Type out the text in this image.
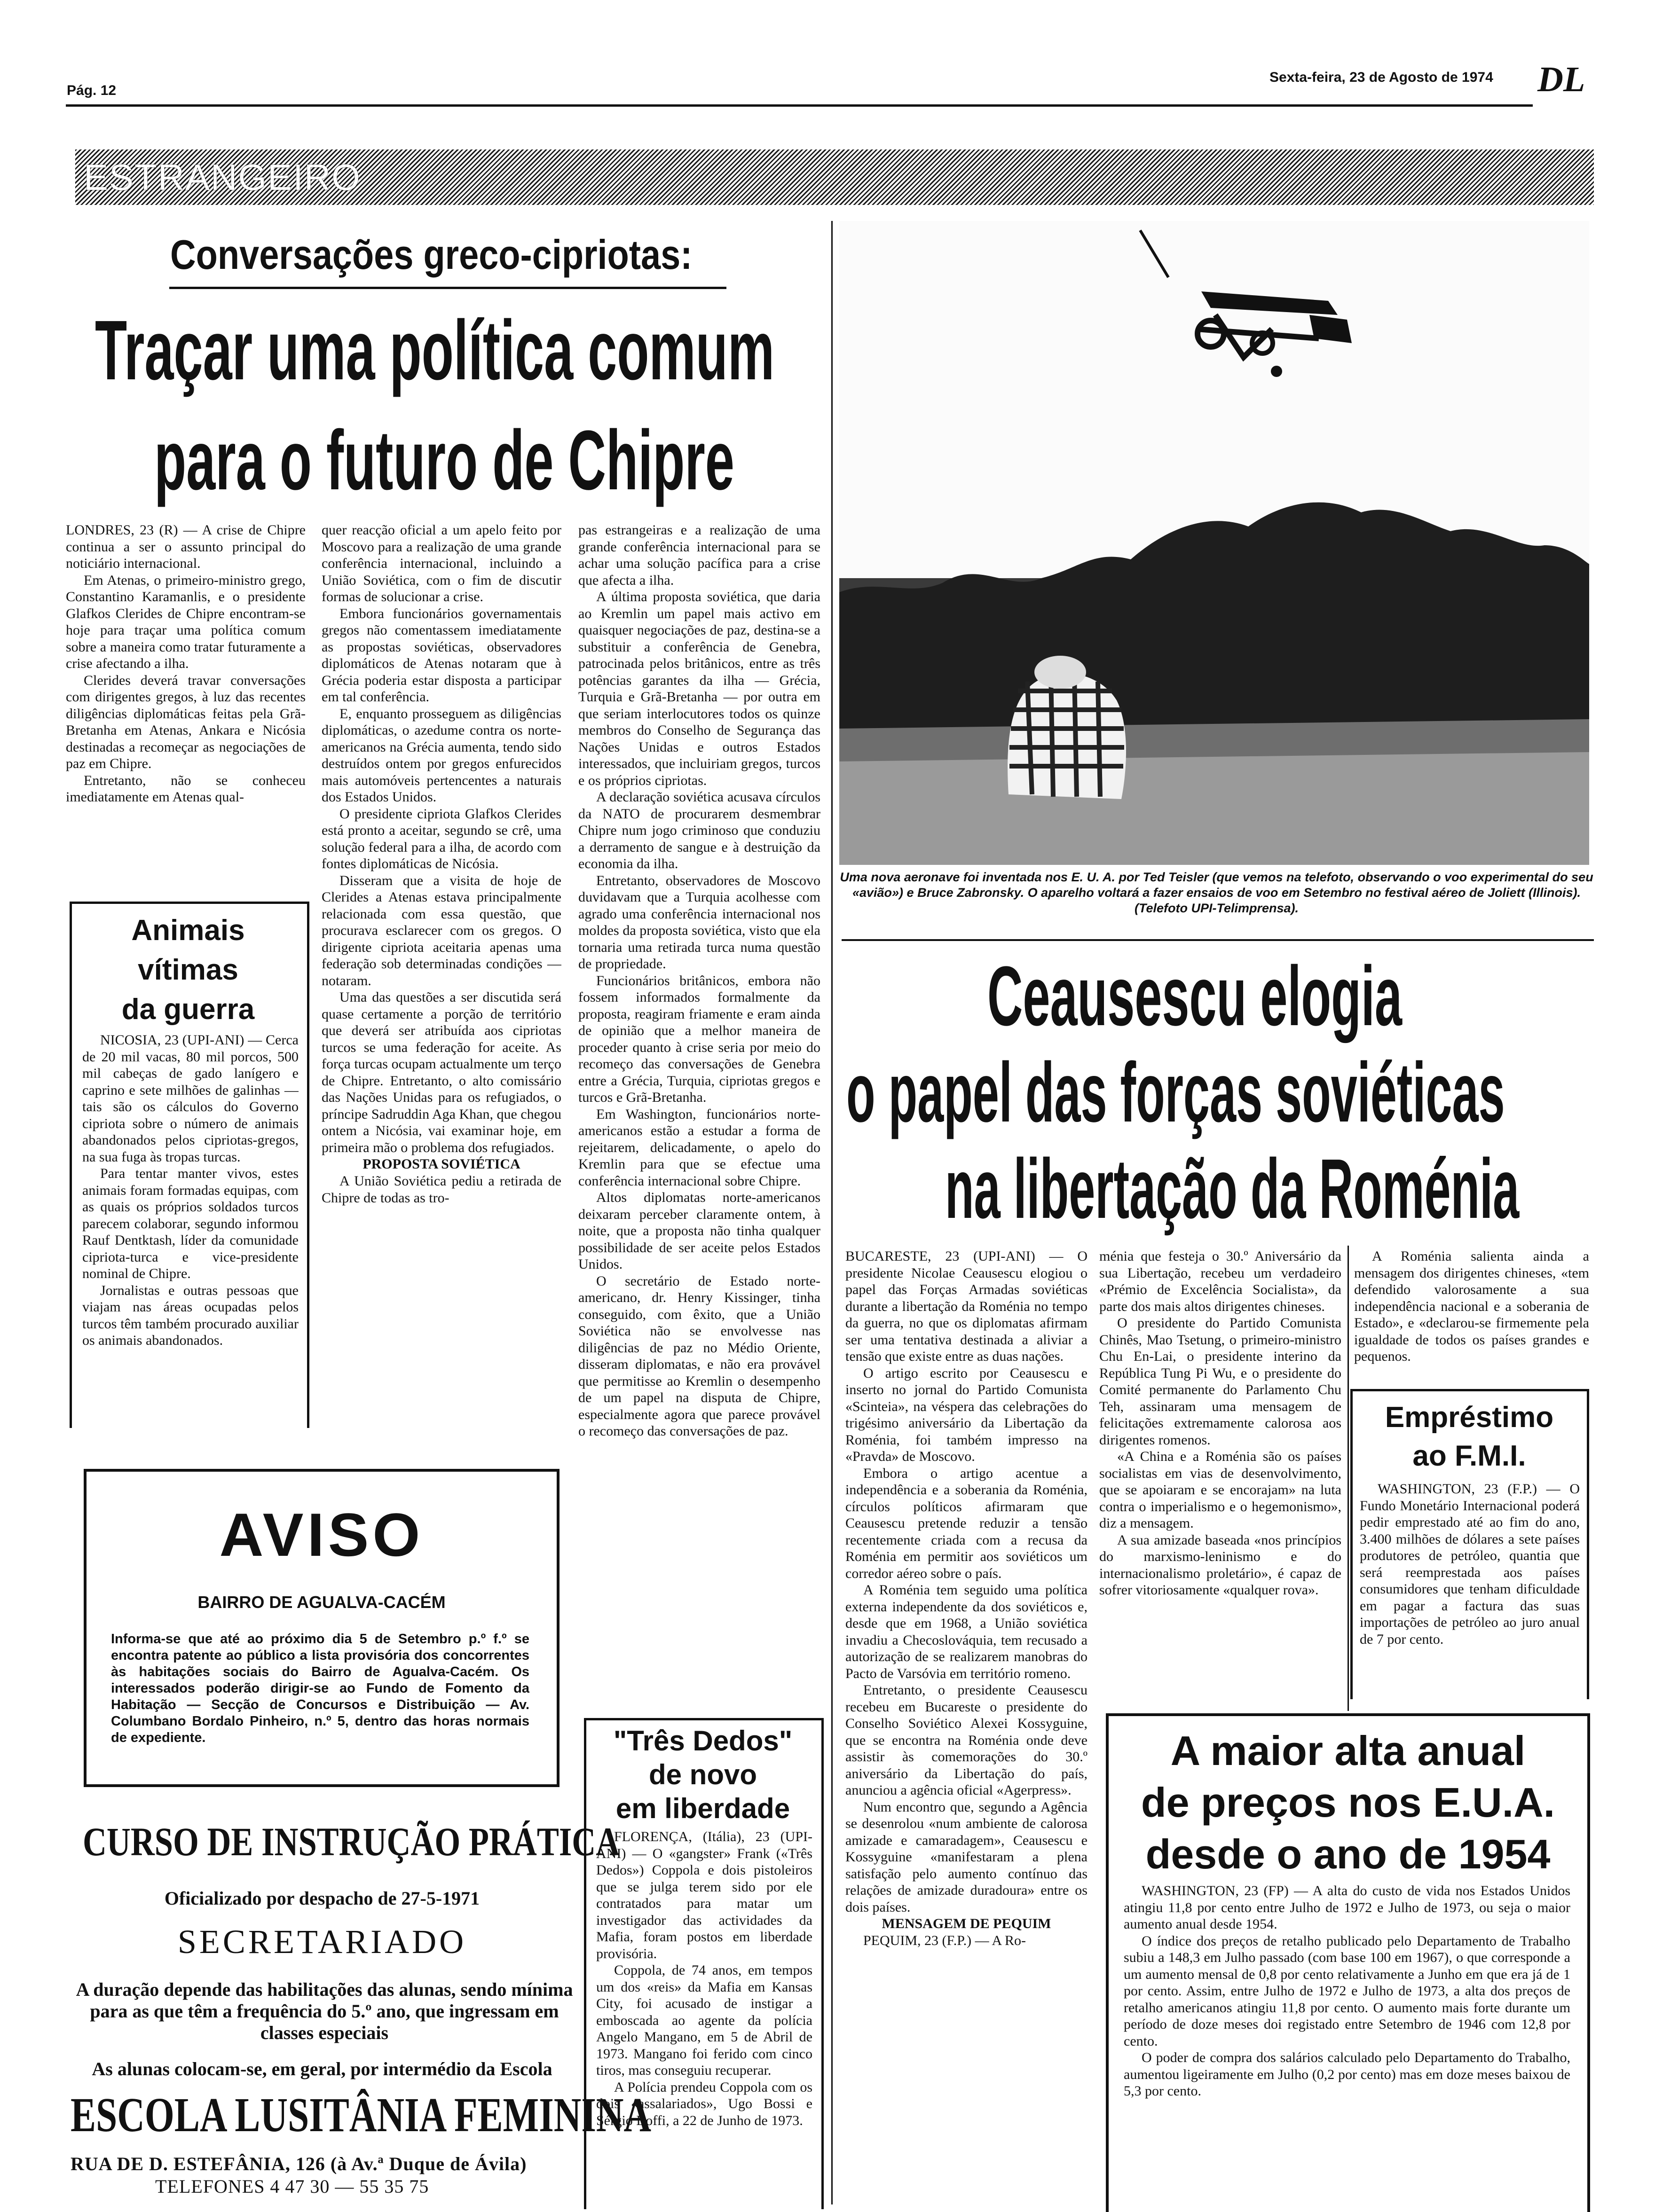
Pág. 12
Sexta-feira, 23 de Agosto de 1974 DL
ESTRANGEIRO
Conversações greco-cipriotas:
Traçar uma política comum
para o futuro de Chipre

LONDRES, 23 (R) — A crise de Chipre continua a ser o assunto principal do noticiário internacional.

Em Atenas, o primeiro-ministro grego, Constantino Karamanlis, e o presidente Glafkos Clerides de Chipre encontram-se hoje para traçar uma política comum sobre a maneira como tratar futuramente a crise afectando a ilha.

Clerides deverá travar conversações com dirigentes gregos, à luz das recentes diligências diplomáticas feitas pela Grã-Bretanha em Atenas, Ankara e Nicósia destinadas a recomeçar as negociações de paz em Chipre.

Entretanto, não se conheceu imediatamente em Atenas qual-

quer reacção oficial a um apelo feito por Moscovo para a realização de uma grande conferência internacional, incluindo a União Soviética, com o fim de discutir formas de solucionar a crise.

Embora funcionários governamentais gregos não comentassem imediatamente as propostas soviéticas, observadores diplomáticos de Atenas notaram que à Grécia poderia estar disposta a participar em tal conferência.

E, enquanto prosseguem as diligências diplomáticas, o azedume contra os norte-americanos na Grécia aumenta, tendo sido destruídos ontem por gregos enfurecidos mais automóveis pertencentes a naturais dos Estados Unidos.

O presidente cipriota Glafkos Clerides está pronto a aceitar, segundo se crê, uma solução federal para a ilha, de acordo com fontes diplomáticas de Nicósia.

Disseram que a visita de hoje de Clerides a Atenas estava principalmente relacionada com essa questão, que procurava esclarecer com os gregos. O dirigente cipriota aceitaria apenas uma federação sob determinadas condições — notaram.

Uma das questões a ser discutida será quase certamente a porção de território que deverá ser atribuída aos cipriotas turcos se uma federação for aceite. As força turcas ocupam actualmente um terço de Chipre. Entretanto, o alto comissário das Nações Unidas para os refugiados, o príncipe Sadruddin Aga Khan, que chegou ontem a Nicósia, vai examinar hoje, em primeira mão o problema dos refugiados.

PROPOSTA SOVIÉTICA

A União Soviética pediu a retirada de Chipre de todas as tro-

pas estrangeiras e a realização de uma grande conferência internacional para se achar uma solução pacífica para a crise que afecta a ilha.

A última proposta soviética, que daria ao Kremlin um papel mais activo em quaisquer negociações de paz, destina-se a substituir a conferência de Genebra, patrocinada pelos britânicos, entre as três potências garantes da ilha — Grécia, Turquia e Grã-Bretanha — por outra em que seriam interlocutores todos os quinze membros do Conselho de Segurança das Nações Unidas e outros Estados interessados, que incluiriam gregos, turcos e os próprios cipriotas.

A declaração soviética acusava círculos da NATO de procurarem desmembrar Chipre num jogo criminoso que conduziu a derramento de sangue e à destruição da economia da ilha.

Entretanto, observadores de Moscovo duvidavam que a Turquia acolhesse com agrado uma conferência internacional nos moldes da proposta soviética, visto que ela tornaria uma retirada turca numa questão de propriedade.

Funcionários britânicos, embora não fossem informados formalmente da proposta, reagiram friamente e eram ainda de opinião que a melhor maneira de proceder quanto à crise seria por meio do recomeço das conversações de Genebra entre a Grécia, Turquia, cipriotas gregos e turcos e Grã-Bretanha.

Em Washington, funcionários norte-americanos estão a estudar a forma de rejeitarem, delicadamente, o apelo do Kremlin para que se efectue uma conferência internacional sobre Chipre.

Altos diplomatas norte-americanos deixaram perceber claramente ontem, à noite, que a proposta não tinha qualquer possibilidade de ser aceite pelos Estados Unidos.

O secretário de Estado norte-americano, dr. Henry Kissinger, tinha conseguido, com êxito, que a União Soviética não se envolvesse nas diligências de paz no Médio Oriente, disseram diplomatas, e não era provável que permitisse ao Kremlin o desempenho de um papel na disputa de Chipre, especialmente agora que parece provável o recomeço das conversações de paz.

Animais
vítimas
da guerra

NICOSIA, 23 (UPI-ANI) — Cerca de 20 mil vacas, 80 mil porcos, 500 mil cabeças de gado lanígero e caprino e sete milhões de galinhas — tais são os cálculos do Governo cipriota sobre o número de animais abandonados pelos cipriotas-gregos, na sua fuga às tropas turcas.

Para tentar manter vivos, estes animais foram formadas equipas, com as quais os próprios soldados turcos parecem colaborar, segundo informou Rauf Dentktash, líder da comunidade cipriota-turca e vice-presidente nominal de Chipre.

Jornalistas e outras pessoas que viajam nas áreas ocupadas pelos turcos têm também procurado auxiliar os animais abandonados.

AVISO
BAIRRO DE AGUALVA-CACÉM
Informa-se que até ao próximo dia 5 de Setembro p.º f.º se encontra patente ao público a lista provisória dos concorrentes às habitações sociais do Bairro de Agualva-Cacém. Os interessados poderão dirigir-se ao Fundo de Fomento da Habitação — Secção de Concursos e Distribuição — Av. Columbano Bordalo Pinheiro, n.º 5, dentro das horas normais de expediente.
CURSO DE INSTRUÇÃO PRÁTICA
Oficializado por despacho de 27-5-1971
SECRETARIADO
A duração depende das habilitações das alunas, sendo mínima para as que têm a frequência do 5.º ano, que ingressam em classes especiais
As alunas colocam-se, em geral, por intermédio da Escola
ESCOLA LUSITÂNIA FEMININA
RUA DE D. ESTEFÂNIA, 126 (à Av.ª Duque de Ávila)
TELEFONES 4 47 30 — 55 35 75
"Três Dedos"
de novo
em liberdade

FLORENÇA, (Itália), 23 (UPI-ANI) — O «gangster» Frank («Três Dedos») Coppola e dois pistoleiros que se julga terem sido por ele contratados para matar um investigador das actividades da Mafia, foram postos em liberdade provisória.

Coppola, de 74 anos, em tempos um dos «reis» da Mafia em Kansas City, foi acusado de instigar a emboscada ao agente da polícia Angelo Mangano, em 5 de Abril de 1973. Mangano foi ferido com cinco tiros, mas conseguiu recuperar.

A Polícia prendeu Coppola com os dois «assalariados», Ugo Bossi e Sérgio Boffi, a 22 de Junho de 1973.

Uma nova aeronave foi inventada nos E. U. A. por Ted Teisler (que vemos na telefoto, observando o voo experimental do seu «avião») e Bruce Zabronsky. O aparelho voltará a fazer ensaios de voo em Setembro no festival aéreo de Joliett (Illinois). (Telefoto UPI-Telimprensa).
Ceausescu elogia
o papel das forças soviéticas
na libertação da Roménia

BUCARESTE, 23 (UPI-ANI) — O presidente Nicolae Ceausescu elogiou o papel das Forças Armadas soviéticas durante a libertação da Roménia no tempo da guerra, no que os diplomatas afirmam ser uma tentativa destinada a aliviar a tensão que existe entre as duas nações.

O artigo escrito por Ceausescu e inserto no jornal do Partido Comunista «Scinteia», na véspera das celebrações do trigésimo aniversário da Libertação da Roménia, foi também impresso na «Pravda» de Moscovo.

Embora o artigo acentue a independência e a soberania da Roménia, círculos políticos afirmaram que Ceausescu pretende reduzir a tensão recentemente criada com a recusa da Roménia em permitir aos soviéticos um corredor aéreo sobre o país.

A Roménia tem seguido uma política externa independente da dos soviéticos e, desde que em 1968, a União soviética invadiu a Checoslováquia, tem recusado a autorização de se realizarem manobras do Pacto de Varsóvia em território romeno.

Entretanto, o presidente Ceausescu recebeu em Bucareste o presidente do Conselho Soviético Alexei Kossyguine, que se encontra na Roménia onde deve assistir às comemorações do 30.º aniversário da Libertação do país, anunciou a agência oficial «Agerpress».

Num encontro que, segundo a Agência se desenrolou «num ambiente de calorosa amizade e camaradagem», Ceausescu e Kossyguine «manifestaram a plena satisfação pelo aumento contínuo das relações de amizade duradoura» entre os dois países.

MENSAGEM DE PEQUIM

PEQUIM, 23 (F.P.) — A Ro-

ménia que festeja o 30.º Aniversário da sua Libertação, recebeu um verdadeiro «Prémio de Excelência Socialista», da parte dos mais altos dirigentes chineses.

O presidente do Partido Comunista Chinês, Mao Tsetung, o primeiro-ministro Chu En-Lai, o presidente interino da República Tung Pi Wu, e o presidente do Comité permanente do Parlamento Chu Teh, assinaram uma mensagem de felicitações extremamente calorosa aos dirigentes romenos.

«A China e a Roménia são os países socialistas em vias de desenvolvimento, que se apoiaram e se encorajam» na luta contra o imperialismo e o hegemonismo», diz a mensagem.

A sua amizade baseada «nos princípios do marxismo-leninismo e do internacionalismo proletário», é capaz de sofrer vitoriosamente «qualquer rova».

A Roménia salienta ainda a mensagem dos dirigentes chineses, «tem defendido valorosamente a sua independência nacional e a soberania de Estado», e «declarou-se firmemente pela igualdade de todos os países grandes e pequenos.

Empréstimo
ao F.M.I.

WASHINGTON, 23 (F.P.) — O Fundo Monetário Internacional poderá pedir emprestado até ao fim do ano, 3.400 milhões de dólares a sete países produtores de petróleo, quantia que será reemprestada aos países consumidores que tenham dificuldade em pagar a factura das suas importações de petróleo ao juro anual de 7 por cento.

A maior alta anual
de preços nos E.U.A.
desde o ano de 1954

WASHINGTON, 23 (FP) — A alta do custo de vida nos Estados Unidos atingiu 11,8 por cento entre Julho de 1972 e Julho de 1973, ou seja o maior aumento anual desde 1954.

O índice dos preços de retalho publicado pelo Departamento de Trabalho subiu a 148,3 em Julho passado (com base 100 em 1967), o que corresponde a um aumento mensal de 0,8 por cento relativamente a Junho em que era já de 1 por cento. Assim, entre Julho de 1972 e Julho de 1973, a alta dos preços de retalho americanos atingiu 11,8 por cento. O aumento mais forte durante um período de doze meses doi registado entre Setembro de 1946 com 12,8 por cento.

O poder de compra dos salários calculado pelo Departamento do Trabalho, aumentou ligeiramente em Julho (0,2 por cento) mas em doze meses baixou de 5,3 por cento.
